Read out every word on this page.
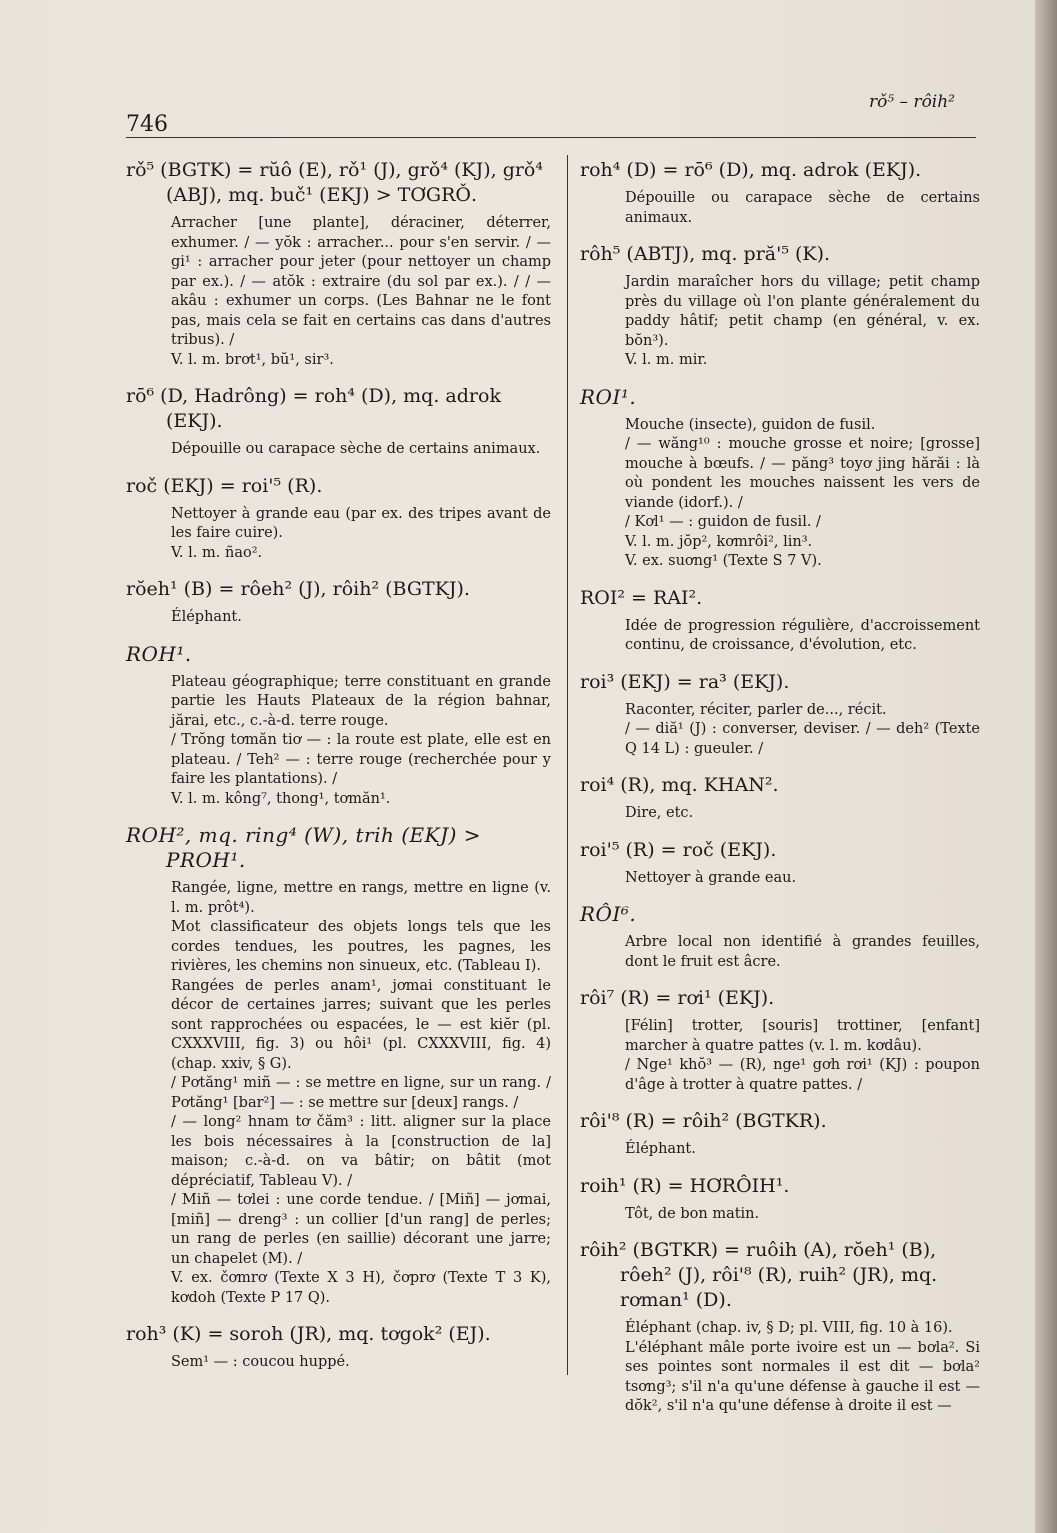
746
rǒ⁵ – rôih²
rǒ⁵ (BGTK) = rŭô (E), rǒ¹ (J), grǒ⁴ (KJ), grǒ⁴ (ABJ), mq. buč¹ (EKJ) > TƠGRǑ.

Arracher [une plante], déraciner, déterrer, exhumer. / — yŏk : arracher... pour s'en servir. / — gi¹ : arracher pour jeter (pour nettoyer un champ par ex.). / — atŏk : extraire (du sol par ex.). / / — akâu : exhumer un corps. (Les Bahnar ne le font pas, mais cela se fait en certains cas dans d'autres tribus). /

V. l. m. brơt¹, bŭ¹, sir³.

rō⁶ (D, Hadrông) = roh⁴ (D), mq. adrok (EKJ).

Dépouille ou carapace sèche de certains animaux.

roč (EKJ) = roi'⁵ (R).

Nettoyer à grande eau (par ex. des tripes avant de les faire cuire).

V. l. m. ñao².

rŏeh¹ (B) = rôeh² (J), rôih² (BGTKJ).

Éléphant.

ROH¹.

Plateau géographique; terre constituant en grande partie les Hauts Plateaux de la région bahnar, jărai, etc., c.-à-d. terre rouge.

/ Trŏng tơmăn tiơ — : la route est plate, elle est en plateau. / Teh² — : terre rouge (recherchée pour y faire les plantations). /

V. l. m. kông⁷, thong¹, tơmăn¹.

ROH², mq. ring⁴ (W), trih (EKJ) > PROH¹.

Rangée, ligne, mettre en rangs, mettre en ligne (v. l. m. prôt⁴).

Mot classificateur des objets longs tels que les cordes tendues, les poutres, les pagnes, les rivières, les chemins non sinueux, etc. (Tableau I).

Rangées de perles anam¹, jơmai constituant le décor de certaines jarres; suivant que les perles sont rapprochées ou espacées, le — est kiĕr (pl. CXXXVIII, fig. 3) ou hôi¹ (pl. CXXXVIII, fig. 4) (chap. xxiv, § G).

/ Pơtăng¹ miñ — : se mettre en ligne, sur un rang. / Pơtăng¹ [bar²] — : se mettre sur [deux] rangs. /

/ — long² hnam tơ čăm³ : litt. aligner sur la place les bois nécessaires à la [construction de la] maison; c.-à-d. on va bâtir; on bâtit (mot dépréciatif, Tableau V). /

/ Miñ — tơlei : une corde tendue. / [Miñ] — jơmai, [miñ] — dreng³ : un collier [d'un rang] de perles; un rang de perles (en saillie) décorant une jarre; un chapelet (M). /

V. ex. čơmrơ (Texte X 3 H), čơprơ (Texte T 3 K), kơdoh (Texte P 17 Q).

roh³ (K) = soroh (JR), mq. tơgok² (EJ).

Sem¹ — : coucou huppé.

roh⁴ (D) = rō⁶ (D), mq. adrok (EKJ).

Dépouille ou carapace sèche de certains animaux.

rôh⁵ (ABTJ), mq. pră'⁵ (K).

Jardin maraîcher hors du village; petit champ près du village où l'on plante généralement du paddy hâtif; petit champ (en général, v. ex. bŏn³).

V. l. m. mir.

ROI¹.

Mouche (insecte), guidon de fusil.

/ — wăng¹⁰ : mouche grosse et noire; [grosse] mouche à bœufs. / — păng³ toyơ jing hărăi : là où pondent les mouches naissent les vers de viande (idorf.). /

/ Kơl¹ — : guidon de fusil. /

V. l. m. jŏp², kơmrôi², lin³.

V. ex. suơng¹ (Texte S 7 V).

ROI² = RAI².

Idée de progression régulière, d'accroissement continu, de croissance, d'évolution, etc.

roi³ (EKJ) = ra³ (EKJ).

Raconter, réciter, parler de..., récit.

/ — diă¹ (J) : converser, deviser. / — deh² (Texte Q 14 L) : gueuler. /

roi⁴ (R), mq. KHAN².

Dire, etc.

roi'⁵ (R) = roč (EKJ).

Nettoyer à grande eau.

RÔI⁶.

Arbre local non identifié à grandes feuilles, dont le fruit est âcre.

rôi⁷ (R) = rơi¹ (EKJ).

[Félin] trotter, [souris] trottiner, [enfant] marcher à quatre pattes (v. l. m. kơdâu).

/ Nge¹ khŏ³ — (R), nge¹ gơh rơi¹ (KJ) : poupon d'âge à trotter à quatre pattes. /

rôi'⁸ (R) = rôih² (BGTKR).

Éléphant.

roih¹ (R) = HƠRÔIH¹.

Tôt, de bon matin.

rôih² (BGTKR) = ruôih (A), rŏeh¹ (B), rôeh² (J), rôi'⁸ (R), ruih² (JR), mq. rơman¹ (D).

Éléphant (chap. iv, § D; pl. VIII, fig. 10 à 16).

L'éléphant mâle porte ivoire est un — bơla². Si ses pointes sont normales il est dit — bơla² tsơng³; s'il n'a qu'une défense à gauche il est — dŏk², s'il n'a qu'une défense à droite il est —
